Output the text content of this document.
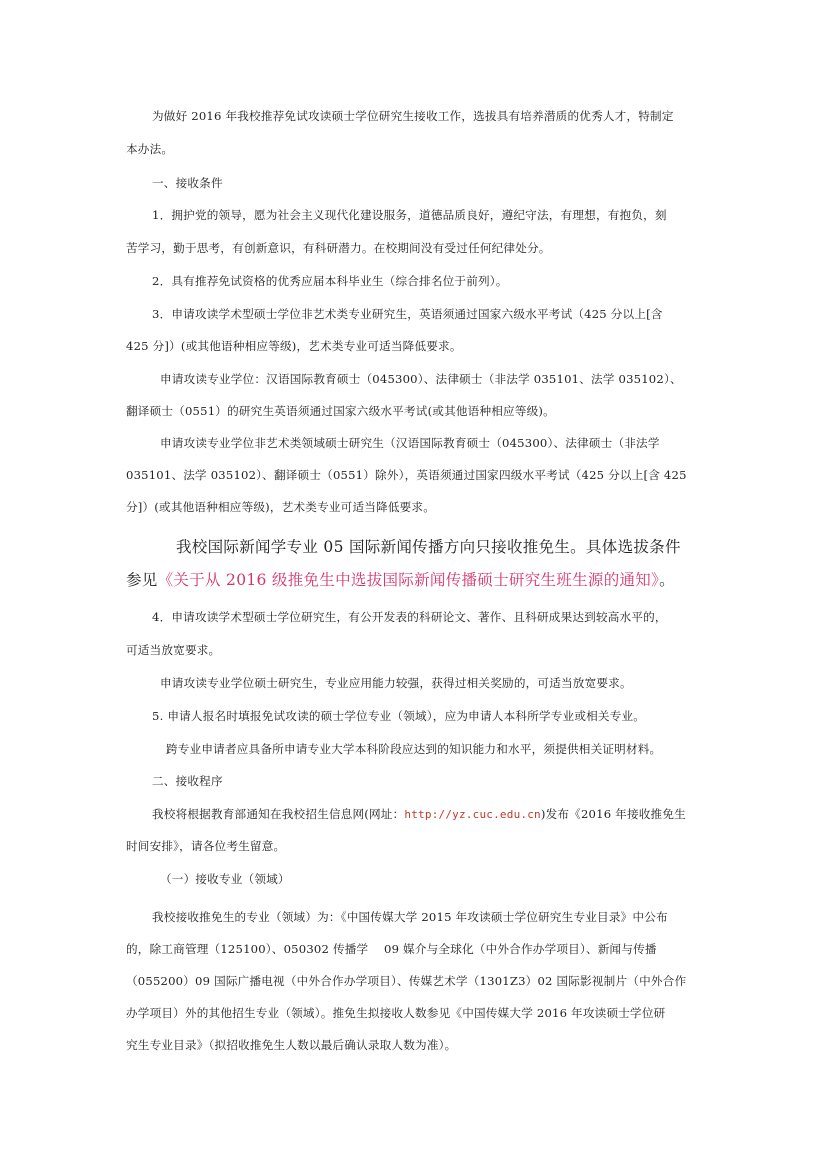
为做好 2016 年我校推荐免试攻读硕士学位研究生接收工作，选拔具有培养潜质的优秀人才，特制定
本办法。
一、接收条件
1．拥护党的领导，愿为社会主义现代化建设服务，道德品质良好，遵纪守法，有理想，有抱负，刻
苦学习，勤于思考，有创新意识，有科研潜力。在校期间没有受过任何纪律处分。
2．具有推荐免试资格的优秀应届本科毕业生（综合排名位于前列）。
3．申请攻读学术型硕士学位非艺术类专业研究生，英语须通过国家六级水平考试（425 分以上[含
425 分]）(或其他语种相应等级)，艺术类专业可适当降低要求。
申请攻读专业学位：汉语国际教育硕士（045300）、法律硕士（非法学 035101、法学 035102）、
翻译硕士（0551）的研究生英语须通过国家六级水平考试(或其他语种相应等级)。
申请攻读专业学位非艺术类领域硕士研究生（汉语国际教育硕士（045300）、法律硕士（非法学
035101、法学 035102）、翻译硕士（0551）除外），英语须通过国家四级水平考试（425 分以上[含 425
分]）(或其他语种相应等级)，艺术类专业可适当降低要求。
我校国际新闻学专业 05 国际新闻传播方向只接收推免生。具体选拔条件
参见《关于从 2016 级推免生中选拔国际新闻传播硕士研究生班生源的通知》。
4．申请攻读学术型硕士学位研究生，有公开发表的科研论文、著作、且科研成果达到较高水平的，
可适当放宽要求。
申请攻读专业学位硕士研究生，专业应用能力较强，获得过相关奖励的，可适当放宽要求。
5. 申请人报名时填报免试攻读的硕士学位专业（领域），应为申请人本科所学专业或相关专业。
跨专业申请者应具备所申请专业大学本科阶段应达到的知识能力和水平，须提供相关证明材料。
二、接收程序
我校将根据教育部通知在我校招生信息网(网址：http://yz.cuc.edu.cn)发布《2016 年接收推免生
时间安排》，请各位考生留意。
（一）接收专业（领域）
我校接收推免生的专业（领域）为：《中国传媒大学 2015 年攻读硕士学位研究生专业目录》中公布
的，除工商管理（125100）、050302 传播学　 09 媒介与全球化（中外合作办学项目）、新闻与传播
（055200）09 国际广播电视（中外合作办学项目）、传媒艺术学（1301Z3）02 国际影视制片（中外合作
办学项目）外的其他招生专业（领域）。推免生拟接收人数参见《中国传媒大学 2016 年攻读硕士学位研
究生专业目录》（拟招收推免生人数以最后确认录取人数为准）。
